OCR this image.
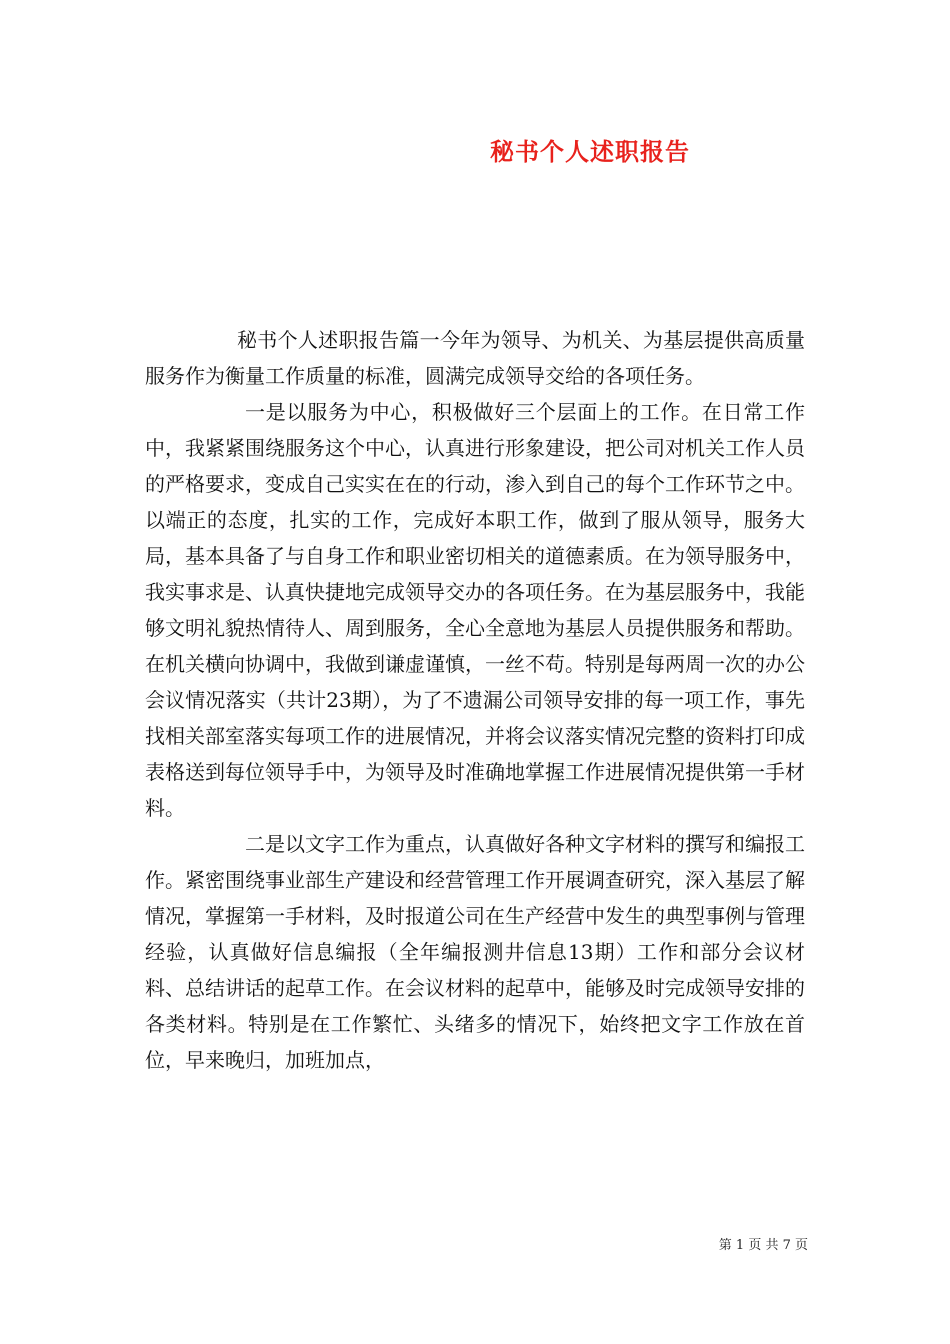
秘书个人述职报告

秘书个人述职报告篇一今年为领导、为机关、为基层提供高质量服务作为衡量工作质量的标准，圆满完成领导交给的各项任务。

一是以服务为中心，积极做好三个层面上的工作。在日常工作中，我紧紧围绕服务这个中心，认真进行形象建设，把公司对机关工作人员的严格要求，变成自己实实在在的行动，渗入到自己的每个工作环节之中。以端正的态度，扎实的工作，完成好本职工作，做到了服从领导，服务大局，基本具备了与自身工作和职业密切相关的道德素质。在为领导服务中，我实事求是、认真快捷地完成领导交办的各项任务。在为基层服务中，我能够文明礼貌热情待人、周到服务，全心全意地为基层人员提供服务和帮助。在机关横向协调中，我做到谦虚谨慎，一丝不苟。特别是每两周一次的办公会议情况落实（共计23期），为了不遗漏公司领导安排的每一项工作，事先找相关部室落实每项工作的进展情况，并将会议落实情况完整的资料打印成表格送到每位领导手中，为领导及时准确地掌握工作进展情况提供第一手材料。

二是以文字工作为重点，认真做好各种文字材料的撰写和编报工作。紧密围绕事业部生产建设和经营管理工作开展调查研究，深入基层了解情况，掌握第一手材料，及时报道公司在生产经营中发生的典型事例与管理经验，认真做好信息编报（全年编报测井信息13期）工作和部分会议材料、总结讲话的起草工作。在会议材料的起草中，能够及时完成领导安排的各类材料。特别是在工作繁忙、头绪多的情况下，始终把文字工作放在首位，早来晚归，加班加点，

第 1 页 共 7 页
